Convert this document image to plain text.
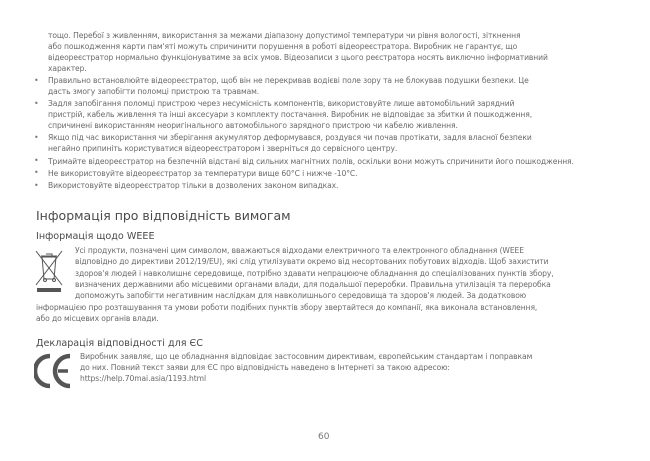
тощо. Перебої з живленням, використання за межами діапазону допустимої температури чи рівня вологості, зіткнення
або пошкодження карти пам'яті можуть спричинити порушення в роботі відеореєстратора. Виробник не гарантує, що
відеореєстратор нормально функціонуватиме за всіх умов. Відеозаписи з цього реєстратора носять виключно інформативний
характер.
• Правильно встановлюйте відеореєстратор, щоб він не перекривав водієві поле зору та не блокував подушки безпеки. Це
дасть змогу запобігти поломці пристрою та травмам.
• Задля запобігання поломці пристрою через несумісність компонентів, використовуйте лише автомобільний зарядний
пристрій, кабель живлення та інші аксесуари з комплекту постачання. Виробник не відповідає за збитки й пошкодження,
спричинені використанням неоригінального автомобільного зарядного пристрою чи кабелю живлення.
• Якщо під час використання чи зберігання акумулятор деформувався, роздувся чи почав протікати, задля власної безпеки
негайно припиніть користуватися відеореєстратором і зверніться до сервісного центру.
• Тримайте відеореєстратор на безпечній відстані від сильних магнітних полів, оскільки вони можуть спричинити його пошкодження.
• Не використовуйте відеореєстратор за температури вище 60°C і нижче -10°C.
• Використовуйте відеореєстратор тільки в дозволених законом випадках.
Усі продукти, позначені цим символом, вважаються відходами електричного та електронного обладнання (WEEE
відповідно до директиви 2012/19/EU), які слід утилізувати окремо від несортованих побутових відходів. Щоб захистити
здоров'я людей і навколишнє середовище, потрібно здавати непрацююче обладнання до спеціалізованих пунктів збору,
визначених державними або місцевими органами влади, для подальшої переробки. Правильна утилізація та переробка
допоможуть запобігти негативним наслідкам для навколишнього середовища та здоров'я людей. За додатковою
інформацією про розташування та умови роботи подібних пунктів збору звертайтеся до компанії, яка виконала встановлення,
або до місцевих органів влади.
Виробник заявляє, що це обладнання відповідає застосовним директивам, європейським стандартам і поправкам
до них. Повний текст заяви для ЄС про відповідність наведено в Інтернеті за такою адресою:
https://help.70mai.asia/1193.html
Інформація про відповідність вимогам
Інформація щодо WEEE
Декларація відповідності для ЄС
60
